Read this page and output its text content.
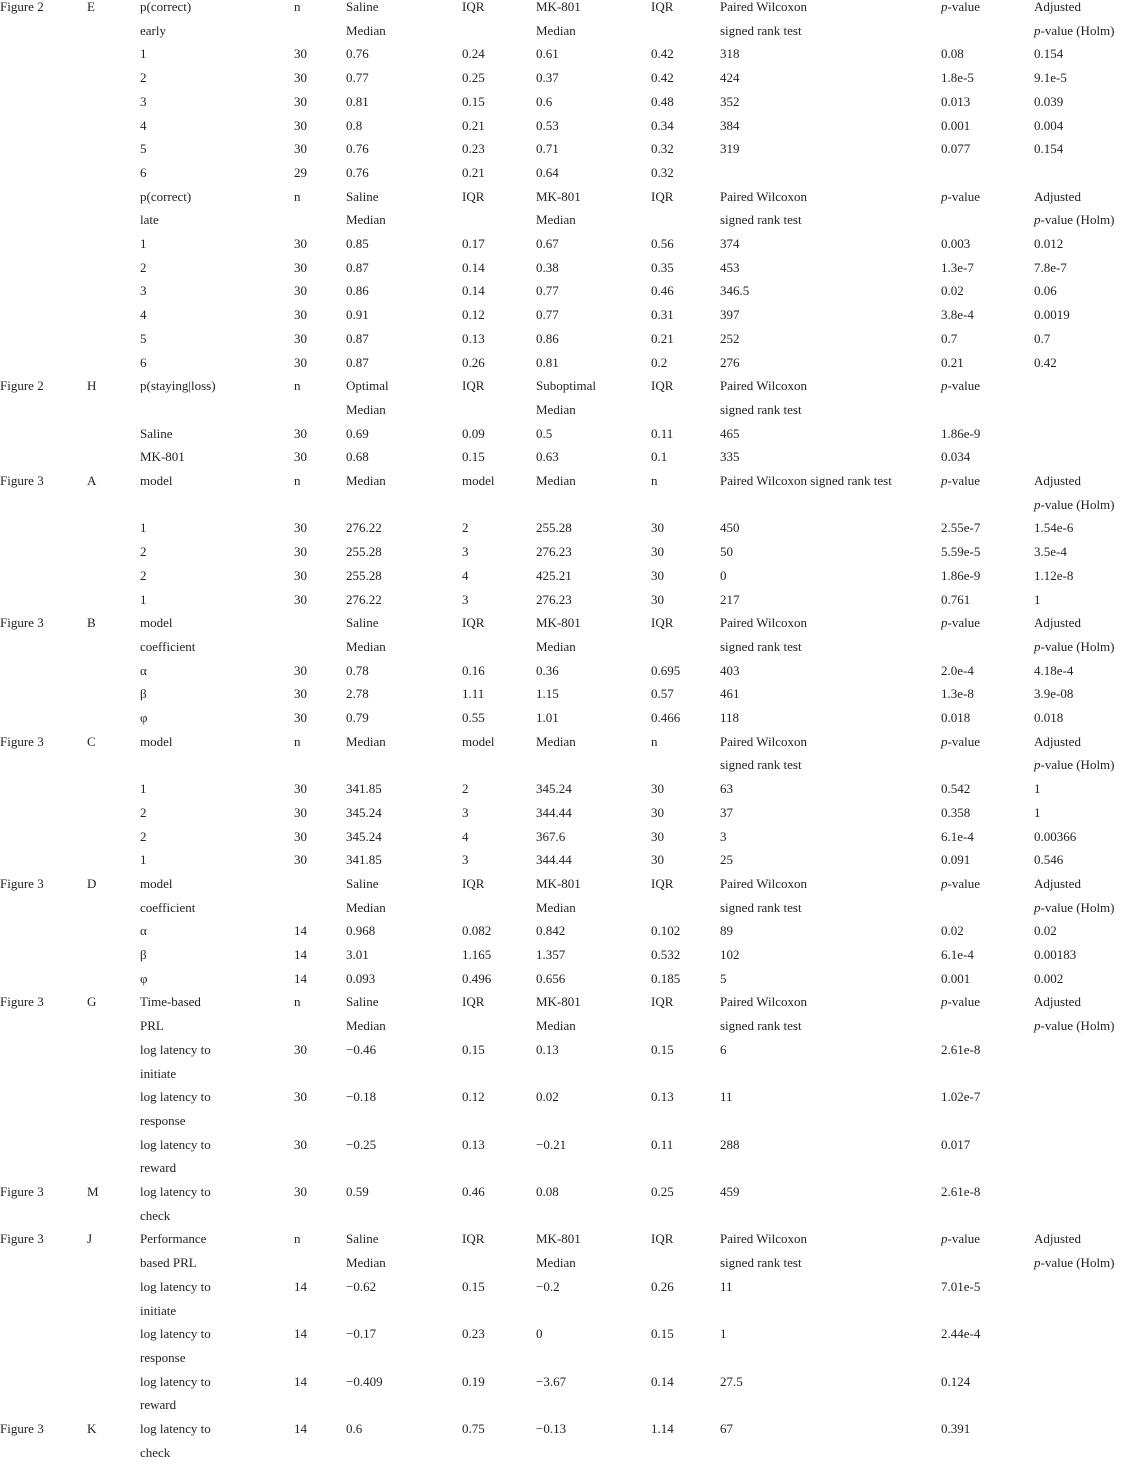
Figure 2	E	p(correct)	n	Saline	IQR	MK-801	IQR	Paired Wilcoxon	p-value	Adjusted
early	Median	Median	signed rank test	p-value (Holm)
1	30	0.76	0.24	0.61	0.42	318	0.08	0.154
2	30	0.77	0.25	0.37	0.42	424	1.8e-5	9.1e-5
3	30	0.81	0.15	0.6	0.48	352	0.013	0.039
4	30	0.8	0.21	0.53	0.34	384	0.001	0.004
5	30	0.76	0.23	0.71	0.32	319	0.077	0.154
6	29	0.76	0.21	0.64	0.32
p(correct)	n	Saline	IQR	MK-801	IQR	Paired Wilcoxon	p-value	Adjusted
late	Median	Median	signed rank test	p-value (Holm)
1	30	0.85	0.17	0.67	0.56	374	0.003	0.012
2	30	0.87	0.14	0.38	0.35	453	1.3e-7	7.8e-7
3	30	0.86	0.14	0.77	0.46	346.5	0.02	0.06
4	30	0.91	0.12	0.77	0.31	397	3.8e-4	0.0019
5	30	0.87	0.13	0.86	0.21	252	0.7	0.7
6	30	0.87	0.26	0.81	0.2	276	0.21	0.42
Figure 2	H	p(staying|loss)	n	Optimal	IQR	Suboptimal	IQR	Paired Wilcoxon	p-value
Median	Median	signed rank test
Saline	30	0.69	0.09	0.5	0.11	465	1.86e-9
MK-801	30	0.68	0.15	0.63	0.1	335	0.034
Figure 3	A	model	n	Median	model	Median	n	Paired Wilcoxon signed rank test	p-value	Adjusted
p-value (Holm)
1	30	276.22	2	255.28	30	450	2.55e-7	1.54e-6
2	30	255.28	3	276.23	30	50	5.59e-5	3.5e-4
2	30	255.28	4	425.21	30	0	1.86e-9	1.12e-8
1	30	276.22	3	276.23	30	217	0.761	1
Figure 3	B	model	Saline	IQR	MK-801	IQR	Paired Wilcoxon	p-value	Adjusted
coefficient	Median	Median	signed rank test	p-value (Holm)
α	30	0.78	0.16	0.36	0.695	403	2.0e-4	4.18e-4
β	30	2.78	1.11	1.15	0.57	461	1.3e-8	3.9e-08
φ	30	0.79	0.55	1.01	0.466	118	0.018	0.018
Figure 3	C	model	n	Median	model	Median	n	Paired Wilcoxon	p-value	Adjusted
signed rank test	p-value (Holm)
1	30	341.85	2	345.24	30	63	0.542	1
2	30	345.24	3	344.44	30	37	0.358	1
2	30	345.24	4	367.6	30	3	6.1e-4	0.00366
1	30	341.85	3	344.44	30	25	0.091	0.546
Figure 3	D	model	Saline	IQR	MK-801	IQR	Paired Wilcoxon	p-value	Adjusted
coefficient	Median	Median	signed rank test	p-value (Holm)
α	14	0.968	0.082	0.842	0.102	89	0.02	0.02
β	14	3.01	1.165	1.357	0.532	102	6.1e-4	0.00183
φ	14	0.093	0.496	0.656	0.185	5	0.001	0.002
Figure 3	G	Time-based	n	Saline	IQR	MK-801	IQR	Paired Wilcoxon	p-value	Adjusted
PRL	Median	Median	signed rank test	p-value (Holm)
log latency to	30	−0.46	0.15	0.13	0.15	6	2.61e-8
initiate
log latency to	30	−0.18	0.12	0.02	0.13	11	1.02e-7
response
log latency to	30	−0.25	0.13	−0.21	0.11	288	0.017
reward
Figure 3	M	log latency to	30	0.59	0.46	0.08	0.25	459	2.61e-8
check
Figure 3	J	Performance	n	Saline	IQR	MK-801	IQR	Paired Wilcoxon	p-value	Adjusted
based PRL	Median	Median	signed rank test	p-value (Holm)
log latency to	14	−0.62	0.15	−0.2	0.26	11	7.01e-5
initiate
log latency to	14	−0.17	0.23	0	0.15	1	2.44e-4
response
log latency to	14	−0.409	0.19	−3.67	0.14	27.5	0.124
reward
Figure 3	K	log latency to	14	0.6	0.75	−0.13	1.14	67	0.391
check
